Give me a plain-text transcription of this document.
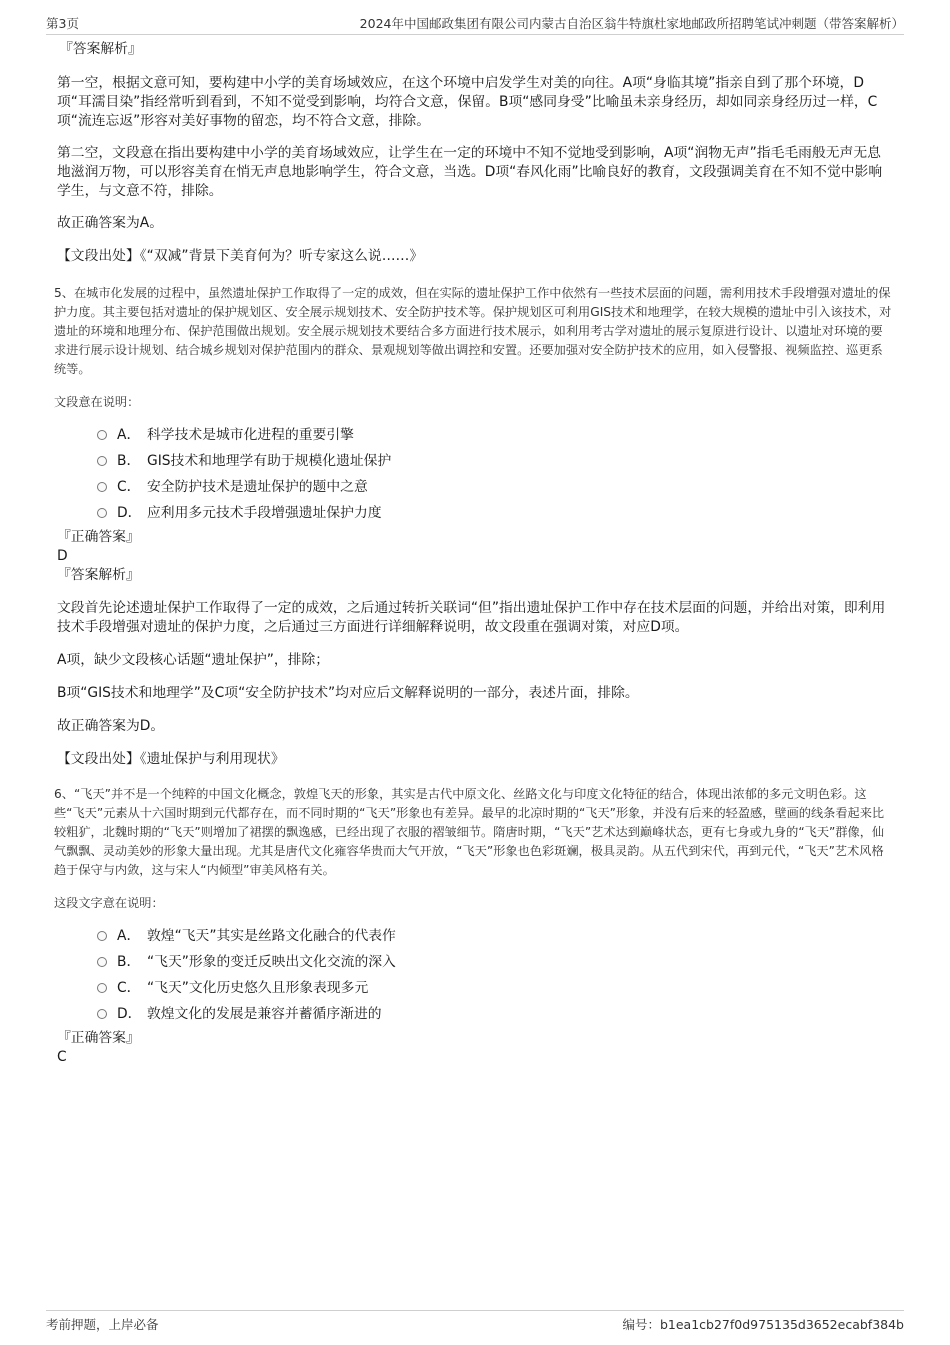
第3页	2024年中国邮政集团有限公司内蒙古自治区翁牛特旗杜家地邮政所招聘笔试冲刺题（带答案解析）

『答案解析』

第一空，根据文意可知，要构建中小学的美育场域效应，在这个环境中启发学生对美的向往。A项“身临其境”指亲自到了那个环境，D项“耳濡目染”指经常听到看到，不知不觉受到影响，均符合文意，保留。B项“感同身受”比喻虽未亲身经历，却如同亲身经历过一样，C项“流连忘返”形容对美好事物的留恋，均不符合文意，排除。

第二空，文段意在指出要构建中小学的美育场域效应，让学生在一定的环境中不知不觉地受到影响，A项“润物无声”指毛毛雨般无声无息地滋润万物，可以形容美育在悄无声息地影响学生，符合文意，当选。D项“春风化雨”比喻良好的教育，文段强调美育在不知不觉中影响学生，与文意不符，排除。

故正确答案为A。

【文段出处】《“双减”背景下美育何为？听专家这么说……》

5、在城市化发展的过程中，虽然遗址保护工作取得了一定的成效，但在实际的遗址保护工作中依然有一些技术层面的问题，需利用技术手段增强对遗址的保护力度。其主要包括对遗址的保护规划区、安全展示规划技术、安全防护技术等。保护规划区可利用GIS技术和地理学，在较大规模的遗址中引入该技术，对遗址的环境和地理分布、保护范围做出规划。安全展示规划技术要结合多方面进行技术展示，如利用考古学对遗址的展示复原进行设计、以遗址对环境的要求进行展示设计规划、结合城乡规划对保护范围内的群众、景观规划等做出调控和安置。还要加强对安全防护技术的应用，如入侵警报、视频监控、巡更系统等。

文段意在说明：

A． 科学技术是城市化进程的重要引擎
B． GIS技术和地理学有助于规模化遗址保护
C． 安全防护技术是遗址保护的题中之意
D． 应利用多元技术手段增强遗址保护力度

『正确答案』

D

『答案解析』

文段首先论述遗址保护工作取得了一定的成效，之后通过转折关联词“但”指出遗址保护工作中存在技术层面的问题，并给出对策，即利用技术手段增强对遗址的保护力度，之后通过三方面进行详细解释说明，故文段重在强调对策，对应D项。

A项，缺少文段核心话题“遗址保护”，排除；

B项“GIS技术和地理学”及C项“安全防护技术”均对应后文解释说明的一部分，表述片面，排除。

故正确答案为D。

【文段出处】《遗址保护与利用现状》

6、“飞天”并不是一个纯粹的中国文化概念，敦煌飞天的形象，其实是古代中原文化、丝路文化与印度文化特征的结合，体现出浓郁的多元文明色彩。这些“飞天”元素从十六国时期到元代都存在，而不同时期的“飞天”形象也有差异。最早的北凉时期的“飞天”形象，并没有后来的轻盈感，壁画的线条看起来比较粗犷，北魏时期的“飞天”则增加了裙摆的飘逸感，已经出现了衣服的褶皱细节。隋唐时期，“飞天”艺术达到巅峰状态，更有七身或九身的“飞天”群像，仙气飘飘、灵动美妙的形象大量出现。尤其是唐代文化雍容华贵而大气开放，“飞天”形象也色彩斑斓，极具灵韵。从五代到宋代，再到元代，“飞天”艺术风格趋于保守与内敛，这与宋人“内倾型”审美风格有关。

这段文字意在说明：

A． 敦煌“飞天”其实是丝路文化融合的代表作
B． “飞天”形象的变迁反映出文化交流的深入
C． “飞天”文化历史悠久且形象表现多元
D． 敦煌文化的发展是兼容并蓄循序渐进的

『正确答案』

C

考前押题，上岸必备	编号：b1ea1cb27f0d975135d3652ecabf384b
